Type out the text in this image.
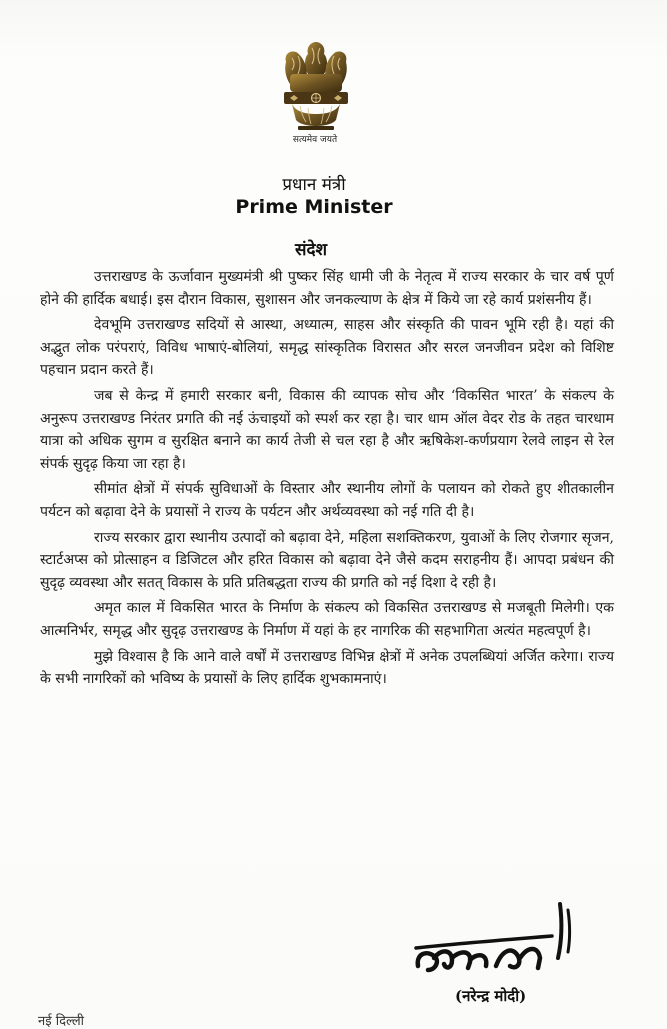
सत्यमेव जयते
प्रधान मंत्री
Prime Minister
संदेश

उत्तराखण्ड के ऊर्जावान मुख्यमंत्री श्री पुष्कर सिंह धामी जी के नेतृत्व में राज्य सरकार के चार वर्ष पूर्ण होने की हार्दिक बधाई। इस दौरान विकास, सुशासन और जनकल्याण के क्षेत्र में किये जा रहे कार्य प्रशंसनीय हैं।

देवभूमि उत्तराखण्ड सदियों से आस्था, अध्यात्म, साहस और संस्कृति की पावन भूमि रही है। यहां की अद्भुत लोक परंपराएं, विविध भाषाएं-बोलियां, समृद्ध सांस्कृतिक विरासत और सरल जनजीवन प्रदेश को विशिष्ट पहचान प्रदान करते हैं।

जब से केन्द्र में हमारी सरकार बनी, विकास की व्यापक सोच और ‘विकसित भारत’ के संकल्प के अनुरूप उत्तराखण्ड निरंतर प्रगति की नई ऊंचाइयों को स्पर्श कर रहा है। चार धाम ऑल वेदर रोड के तहत चारधाम यात्रा को अधिक सुगम व सुरक्षित बनाने का कार्य तेजी से चल रहा है और ऋषिकेश-कर्णप्रयाग रेलवे लाइन से रेल संपर्क सुदृढ़ किया जा रहा है।

सीमांत क्षेत्रों में संपर्क सुविधाओं के विस्तार और स्थानीय लोगों के पलायन को रोकते हुए शीतकालीन पर्यटन को बढ़ावा देने के प्रयासों ने राज्य के पर्यटन और अर्थव्यवस्था को नई गति दी है।

राज्य सरकार द्वारा स्थानीय उत्पादों को बढ़ावा देने, महिला सशक्तिकरण, युवाओं के लिए रोजगार सृजन, स्टार्टअप्स को प्रोत्साहन व डिजिटल और हरित विकास को बढ़ावा देने जैसे कदम सराहनीय हैं। आपदा प्रबंधन की सुदृढ़ व्यवस्था और सतत् विकास के प्रति प्रतिबद्धता राज्य की प्रगति को नई दिशा दे रही है।

अमृत काल में विकसित भारत के निर्माण के संकल्प को विकसित उत्तराखण्ड से मजबूती मिलेगी। एक आत्मनिर्भर, समृद्ध और सुदृढ़ उत्तराखण्ड के निर्माण में यहां के हर नागरिक की सहभागिता अत्यंत महत्वपूर्ण है।

मुझे विश्वास है कि आने वाले वर्षों में उत्तराखण्ड विभिन्न क्षेत्रों में अनेक उपलब्धियां अर्जित करेगा। राज्य के सभी नागरिकों को भविष्य के प्रयासों के लिए हार्दिक शुभकामनाएं।

(नरेन्द्र मोदी)
नई दिल्ली
